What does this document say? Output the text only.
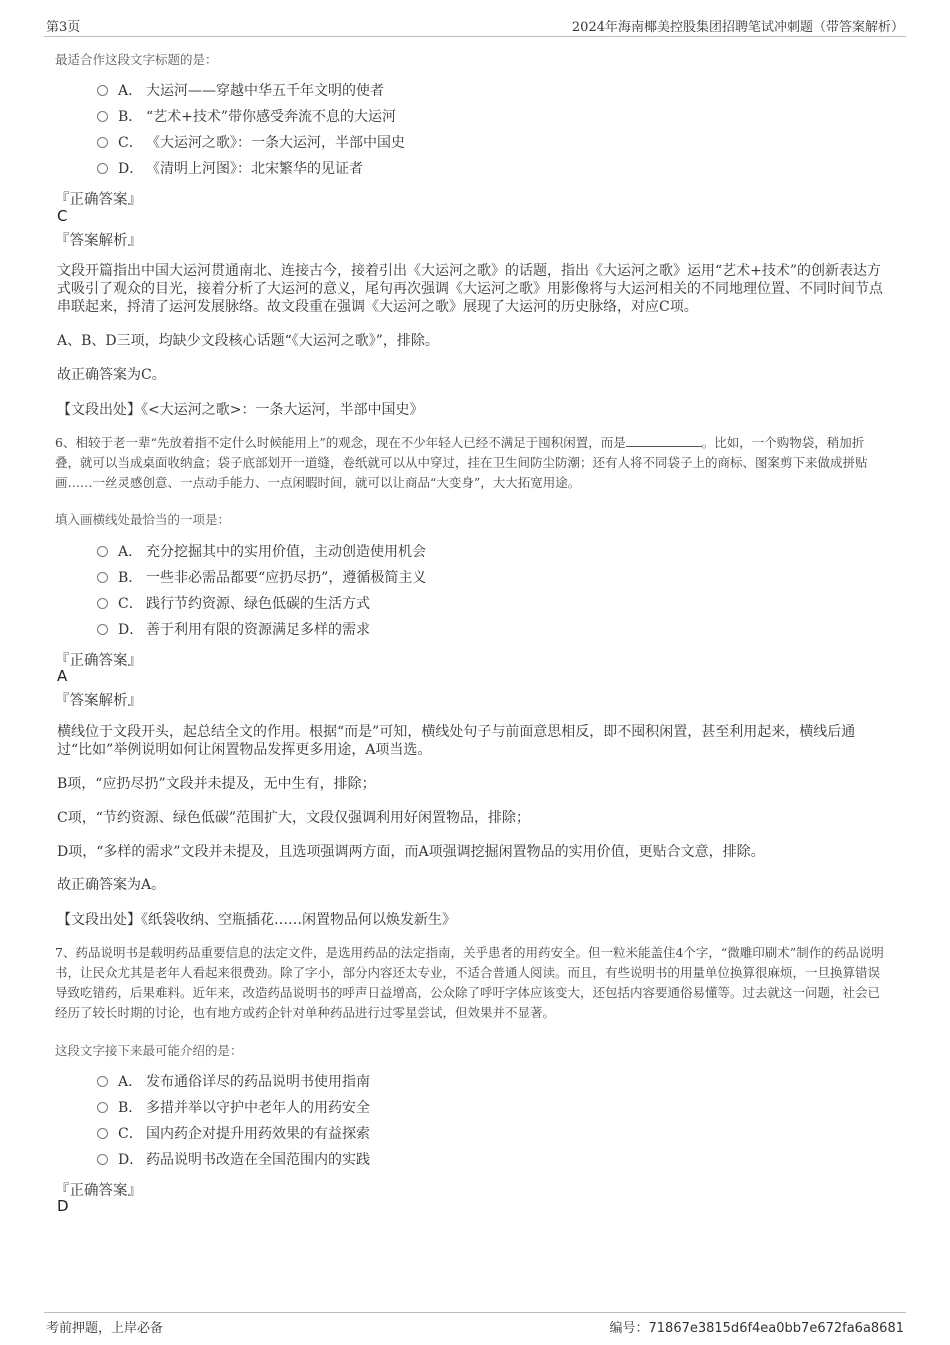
第3页	2024年海南椰美控股集团招聘笔试冲刺题（带答案解析）
最适合作这段文字标题的是：
A． 大运河——穿越中华五千年文明的使者
B． “艺术+技术”带你感受奔流不息的大运河
C． 《大运河之歌》：一条大运河，半部中国史
D． 《清明上河图》：北宋繁华的见证者
『正确答案』
C
『答案解析』
文段开篇指出中国大运河贯通南北、连接古今，接着引出《大运河之歌》的话题，指出《大运河之歌》运用“艺术+技术”的创新表达方式吸引了观众的目光，接着分析了大运河的意义，尾句再次强调《大运河之歌》用影像将与大运河相关的不同地理位置、不同时间节点串联起来，捋清了运河发展脉络。故文段重在强调《大运河之歌》展现了大运河的历史脉络，对应C项。
A、B、D三项，均缺少文段核心话题“《大运河之歌》”，排除。
故正确答案为C。
【文段出处】《<大运河之歌>：一条大运河，半部中国史》
6、相较于老一辈“先放着指不定什么时候能用上”的观念，现在不少年轻人已经不满足于囤积闲置，而是	。比如，一个购物袋，稍加折叠，就可以当成桌面收纳盒；袋子底部划开一道缝，卷纸就可以从中穿过，挂在卫生间防尘防潮；还有人将不同袋子上的商标、图案剪下来做成拼贴画……一丝灵感创意、一点动手能力、一点闲暇时间，就可以让商品“大变身”，大大拓宽用途。
填入画横线处最恰当的一项是：
A． 充分挖掘其中的实用价值，主动创造使用机会
B． 一些非必需品都要“应扔尽扔”，遵循极简主义
C． 践行节约资源、绿色低碳的生活方式
D． 善于利用有限的资源满足多样的需求
『正确答案』
A
『答案解析』
横线位于文段开头，起总结全文的作用。根据“而是”可知，横线处句子与前面意思相反，即不囤积闲置，甚至利用起来，横线后通过“比如”举例说明如何让闲置物品发挥更多用途，A项当选。
B项，“应扔尽扔”文段并未提及，无中生有，排除；
C项，“节约资源、绿色低碳”范围扩大，文段仅强调利用好闲置物品，排除；
D项，“多样的需求”文段并未提及，且选项强调两方面，而A项强调挖掘闲置物品的实用价值，更贴合文意，排除。
故正确答案为A。
【文段出处】《纸袋收纳、空瓶插花……闲置物品何以焕发新生》
7、药品说明书是载明药品重要信息的法定文件，是选用药品的法定指南，关乎患者的用药安全。但一粒米能盖住4个字，“微雕印刷术”制作的药品说明书，让民众尤其是老年人看起来很费劲。除了字小，部分内容还太专业，不适合普通人阅读。而且，有些说明书的用量单位换算很麻烦，一旦换算错误导致吃错药，后果难料。近年来，改造药品说明书的呼声日益增高，公众除了呼吁字体应该变大，还包括内容要通俗易懂等。过去就这一问题，社会已经历了较长时期的讨论，也有地方或药企针对单种药品进行过零星尝试，但效果并不显著。
这段文字接下来最可能介绍的是：
A． 发布通俗详尽的药品说明书使用指南
B． 多措并举以守护中老年人的用药安全
C． 国内药企对提升用药效果的有益探索
D． 药品说明书改造在全国范围内的实践
『正确答案』
D
考前押题，上岸必备	编号：71867e3815d6f4ea0bb7e672fa6a8681
